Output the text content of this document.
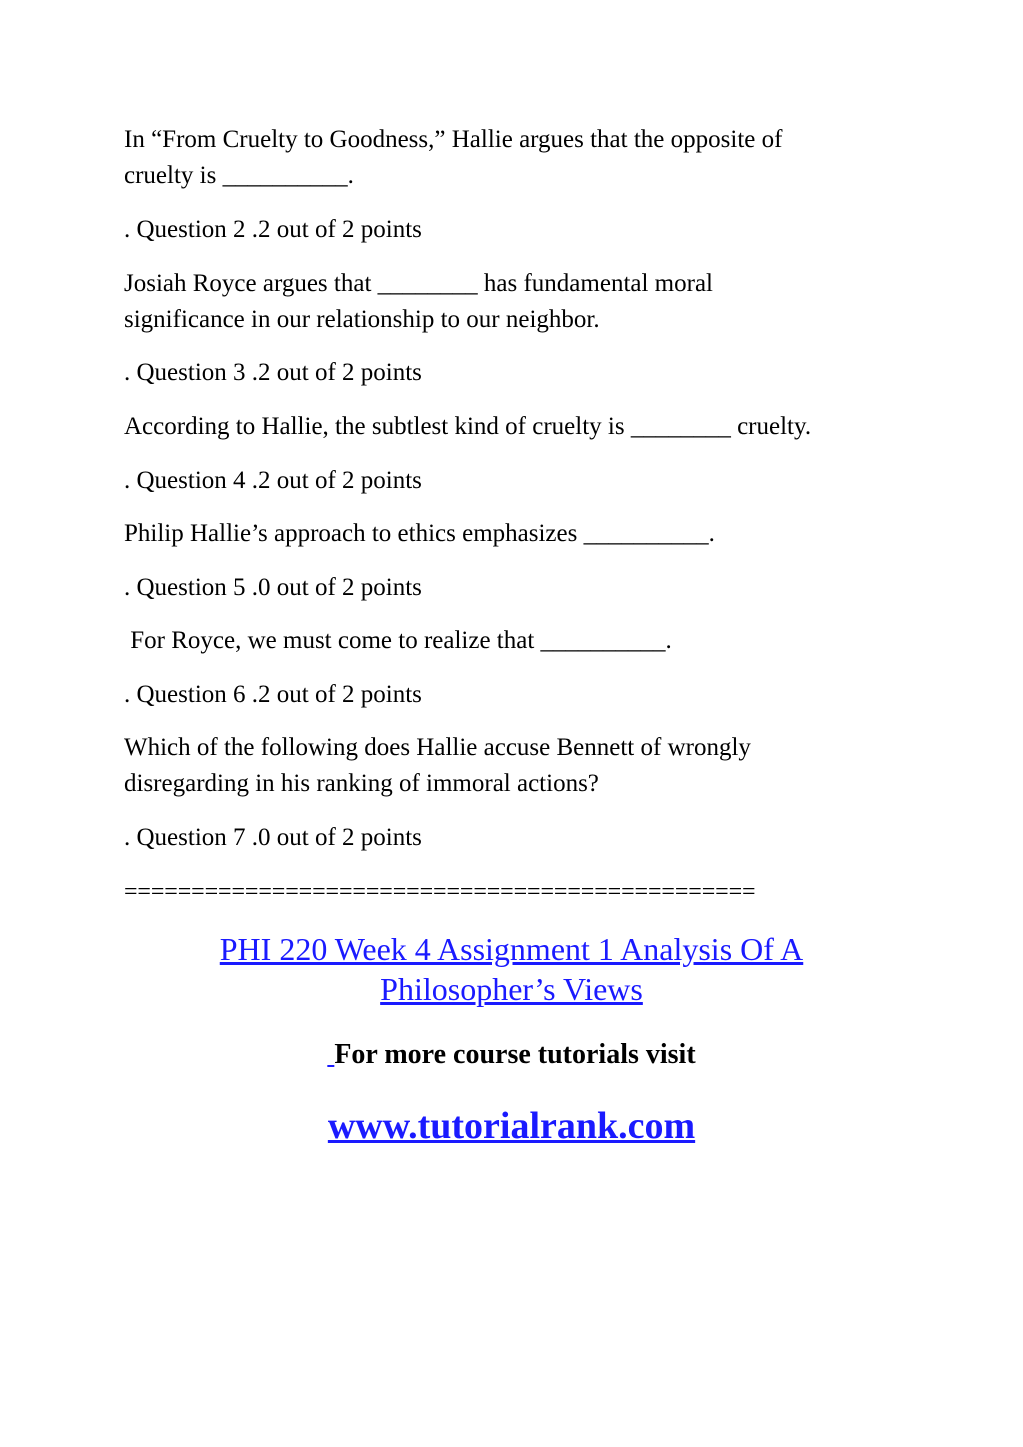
In “From Cruelty to Goodness,” Hallie argues that the opposite of
cruelty is __________.
. Question 2 .2 out of 2 points
Josiah Royce argues that ________ has fundamental moral
significance in our relationship to our neighbor.
. Question 3 .2 out of 2 points
According to Hallie, the subtlest kind of cruelty is ________ cruelty.
. Question 4 .2 out of 2 points
Philip Hallie’s approach to ethics emphasizes __________.
. Question 5 .0 out of 2 points
For Royce, we must come to realize that __________.
. Question 6 .2 out of 2 points
Which of the following does Hallie accuse Bennett of wrongly
disregarding in his ranking of immoral actions?
. Question 7 .0 out of 2 points
===============================================
PHI 220 Week 4 Assignment 1 Analysis Of A
Philosopher’s Views
For more course tutorials visit
www.tutorialrank.com
